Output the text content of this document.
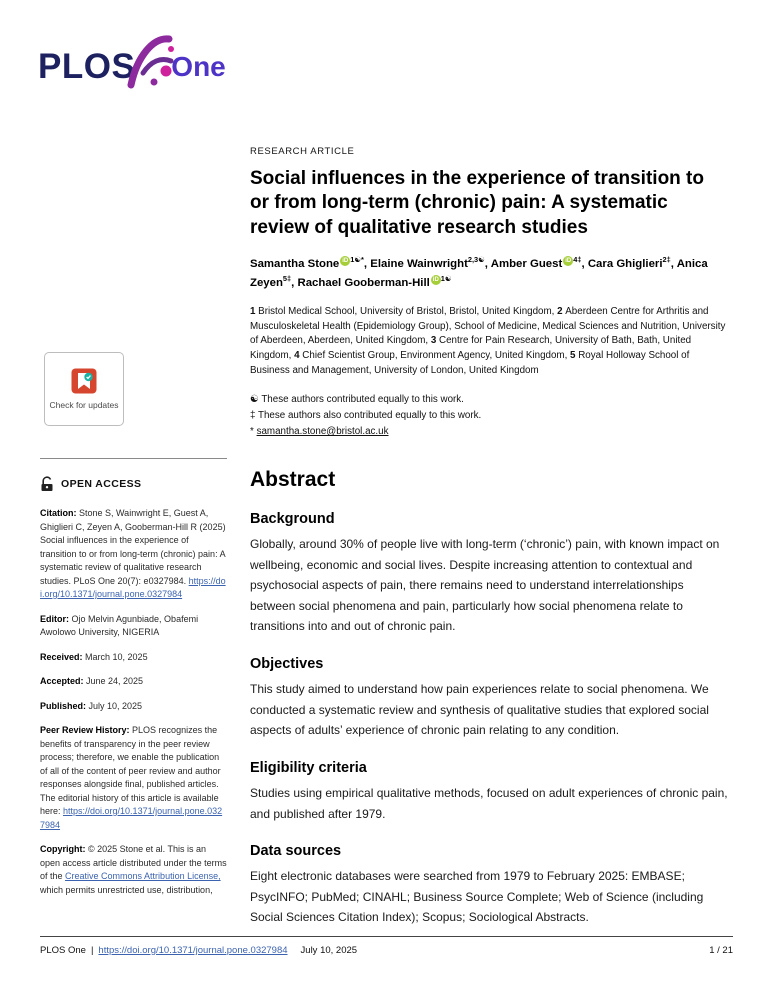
PLOS One
Check for updates
OPEN ACCESS

Citation: Stone S, Wainwright E, Guest A, Ghiglieri C, Zeyen A, Gooberman-Hill R (2025) Social influences in the experience of transition to or from long-term (chronic) pain: A systematic review of qualitative research studies. PLoS One 20(7): e0327984. https://doi.org/10.1371/journal.pone.0327984

Editor: Ojo Melvin Agunbiade, Obafemi Awolowo University, NIGERIA

Received: March 10, 2025

Accepted: June 24, 2025

Published: July 10, 2025

Peer Review History: PLOS recognizes the benefits of transparency in the peer review process; therefore, we enable the publication of all of the content of peer review and author responses alongside final, published articles. The editorial history of this article is available here: https://doi.org/10.1371/journal.pone.0327984

Copyright: © 2025 Stone et al. This is an open access article distributed under the terms of the Creative Commons Attribution License, which permits unrestricted use, distribution,

RESEARCH ARTICLE
Social influences in the experience of transition to or from long-term (chronic) pain: A systematic review of qualitative research studies

Samantha Stone iD $^{1☯*}$, Elaine Wainwright$^{2,3☯}$, Amber Guest iD $^{4\ddagger}$, Cara Ghiglieri$^{2\ddagger}$, Anica Zeyen$^{5\ddagger}$, Rachael Gooberman-Hill iD $^{1☯}$

1 Bristol Medical School, University of Bristol, Bristol, United Kingdom, 2 Aberdeen Centre for Arthritis and Musculoskeletal Health (Epidemiology Group), School of Medicine, Medical Sciences and Nutrition, University of Aberdeen, Aberdeen, United Kingdom, 3 Centre for Pain Research, University of Bath, Bath, United Kingdom, 4 Chief Scientist Group, Environment Agency, United Kingdom, 5 Royal Holloway School of Business and Management, University of London, United Kingdom

☯ These authors contributed equally to this work.

‡ These authors also contributed equally to this work.

* samantha.stone@bristol.ac.uk

Abstract
Background

Globally, around 30% of people live with long-term (‘chronic’) pain, with known impact on wellbeing, economic and social lives. Despite increasing attention to contextual and psychosocial aspects of pain, there remains need to understand interrelationships between social phenomena and pain, particularly how social phenomena relate to transitions into and out of chronic pain.

Objectives

This study aimed to understand how pain experiences relate to social phenomena. We conducted a systematic review and synthesis of qualitative studies that explored social aspects of adults’ experience of chronic pain relating to any condition.

Eligibility criteria

Studies using empirical qualitative methods, focused on adult experiences of chronic pain, and published after 1979.

Data sources

Eight electronic databases were searched from 1979 to February 2025: EMBASE; PsycINFO; PubMed; CINAHL; Business Source Complete; Web of Science (including Social Sciences Citation Index); Scopus; Sociological Abstracts.

PLOS One | https://doi.org/10.1371/journal.pone.0327984 July 10, 2025	1 / 21
